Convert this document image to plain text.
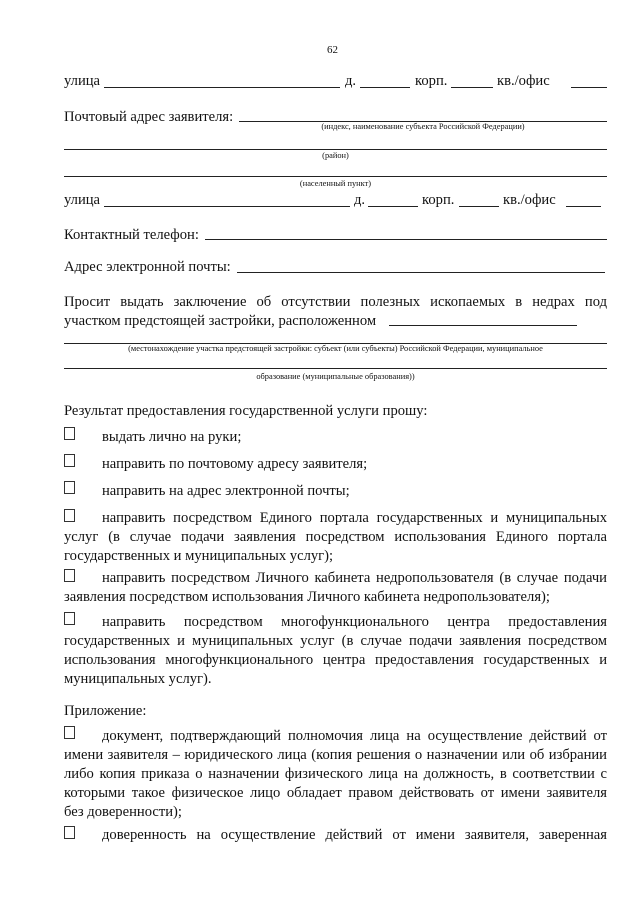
62
улица	д.	корп.	кв./офис
Почтовый адрес заявителя:
(индекс, наименование субъекта Российской Федерации)
(район)
(населенный пункт)
улица	д.	корп.	кв./офис
Контактный телефон:
Адрес электронной почты:
Просит выдать заключение об отсутствии полезных ископаемых в недрах под
участком предстоящей застройки, расположенном
(местонахождение участка предстоящей застройки: субъект (или субъекты) Российской Федерации, муниципальное
образование (муниципальные образования))
Результат предоставления государственной услуги прошу:
выдать лично на руки;
направить по почтовому адресу заявителя;
направить на адрес электронной почты;
направить посредством Единого портала государственных и муниципальных
услуг (в случае подачи заявления посредством использования Единого портала
государственных и муниципальных услуг);
направить посредством Личного кабинета недропользователя (в случае подачи
заявления посредством использования Личного кабинета недропользователя);
направить посредством многофункционального центра предоставления
государственных и муниципальных услуг (в случае подачи заявления посредством
использования многофункционального центра предоставления государственных и
муниципальных услуг).
Приложение:
документ, подтверждающий полномочия лица на осуществление действий от
имени заявителя – юридического лица (копия решения о назначении или об избрании
либо копия приказа о назначении физического лица на должность, в соответствии с
которыми такое физическое лицо обладает правом действовать от имени заявителя
без доверенности);
доверенность на осуществление действий от имени заявителя, заверенная
